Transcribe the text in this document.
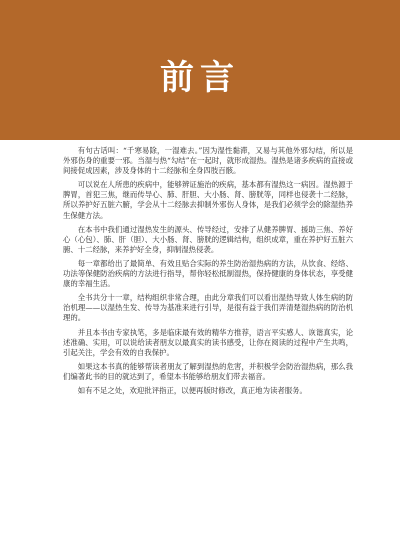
前言

有句古话叫：“千寒易除，一湿难去。”因为湿性黏滞，又易与其他外邪勾结，所以是外邪伤身的重要一邪。当湿与热“勾结”在一起时，就形成湿热。湿热是诸多疾病的直接或间接促成因素，涉及身体的十二经脉和全身四肢百骸。

可以说在人所患的疾病中，能够辨证施治的疾病，基本都有湿热这一病因。湿热源于脾胃，首犯三焦，继而传导心、肺、肝胆、大小肠、肾、膀胱等，同样也侵袭十二经脉，所以养护好五脏六腑，学会从十二经脉去抑制外邪伤人身体，是我们必须学会的除湿热养生保健方法。

在本书中我们通过湿热发生的源头、传导经过，安排了从健养脾胃、援助三焦、养好心（心包）、肺、肝（胆）、大小肠、肾、膀胱的逻辑结构，组织成章，重在养护好五脏六腑、十二经脉，来养护好全身，抑制湿热侵袭。

每一章都给出了最简单、有效且贴合实际的养生防治湿热病的方法，从饮食、经络、功法等保健防治疾病的方法进行指导，帮你轻松抵制湿热，保持健康的身体状态，享受健康的幸福生活。

全书共分十一章，结构组织非常合理，由此分章我们可以看出湿热导致人体生病的防治机理——以湿热生发、传导为基准来进行引导，是很有益于我们弄清楚湿热病的防治机理的。

并且本书由专家执笔，多是临床最有效的精华方推荐，语言平实感人、诙谐真实，论述准确、实用，可以说给读者朋友以最真实的读书感受，让你在阅读的过程中产生共鸣，引起关注，学会有效的自我保护。

如果这本书真的能够帮读者朋友了解到湿热的危害，并积极学会防治湿热病，那么我们编著此书的目的就达到了，希望本书能够给朋友们带去福音。

如有不足之处，欢迎批评指正，以便再版时修改，真正地为读者服务。
